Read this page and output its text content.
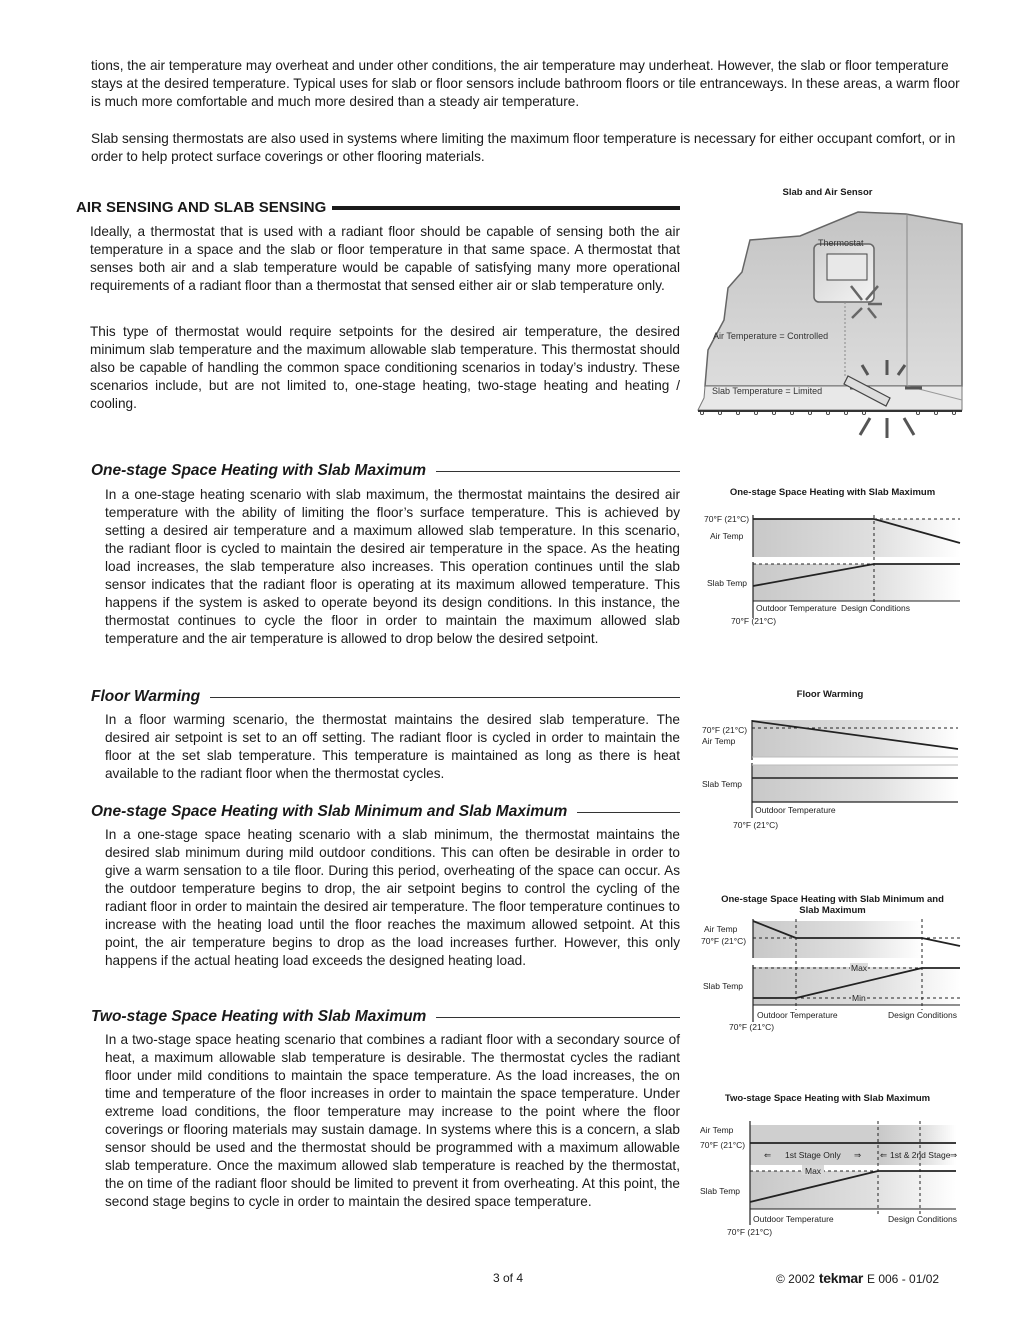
tions, the air temperature may overheat and under other conditions, the air temperature may underheat. However, the slab or floor temperature stays at the desired temperature. Typical uses for slab or floor sensors include bathroom floors or tile entranceways. In these areas, a warm floor is much more comfortable and much more desired than a steady air temperature.

Slab sensing thermostats are also used in systems where limiting the maximum floor temperature is necessary for either occupant comfort, or in order to help protect surface coverings or other flooring materials.

AIR SENSING AND SLAB SENSING

Ideally, a thermostat that is used with a radiant floor should be capable of sensing both the air temperature in a space and the slab or floor temperature in that same space. A thermostat that senses both air and a slab temperature would be capable of satisfying many more operational requirements of a radiant floor than a thermostat that sensed either air or slab temperature only.

This type of thermostat would require setpoints for the desired air temperature, the desired minimum slab temperature and the maximum allowable slab temperature. This thermostat should also be capable of handling the common space conditioning scenarios in today’s industry. These scenarios include, but are not limited to, one-stage heating, two-stage heating and heating / cooling.

One-stage Space Heating with Slab Maximum

In a one-stage heating scenario with slab maximum, the thermostat maintains the desired air temperature with the ability of limiting the floor’s surface temperature. This is achieved by setting a desired air temperature and a maximum allowed slab temperature. In this scenario, the radiant floor is cycled to maintain the desired air temperature in the space. As the heating load increases, the slab temperature also increases. This operation continues until the slab sensor indicates that the radiant floor is operating at its maximum allowed temperature. This happens if the system is asked to operate beyond its design conditions. In this instance, the thermostat continues to cycle the floor in order to maintain the maximum allowed slab temperature and the air temperature is allowed to drop below the desired setpoint.

Floor Warming

In a floor warming scenario, the thermostat maintains the desired slab temperature. The desired air setpoint is set to an off setting. The radiant floor is cycled in order to maintain the floor at the set slab temperature. This temperature is maintained as long as there is heat available to the radiant floor when the thermostat cycles.

One-stage Space Heating with Slab Minimum and Slab Maximum

In a one-stage space heating scenario with a slab minimum, the thermostat maintains the desired slab minimum during mild outdoor conditions. This can often be desirable in order to give a warm sensation to a tile floor. During this period, overheating of the space can occur. As the outdoor temperature begins to drop, the air setpoint begins to control the cycling of the radiant floor in order to maintain the desired air temperature. The floor temperature continues to increase with the heating load until the floor reaches the maximum allowed setpoint. At this point, the air temperature begins to drop as the load increases further. However, this only happens if the actual heating load exceeds the designed heating load.

Two-stage Space Heating with Slab Maximum

In a two-stage space heating scenario that combines a radiant floor with a secondary source of heat, a maximum allowable slab temperature is desirable. The thermostat cycles the radiant floor under mild conditions to maintain the space temperature. As the load increases, the on time and temperature of the floor increases in order to maintain the space temperature. Under extreme load conditions, the floor temperature may increase to the point where the floor coverings or flooring materials may sustain damage. In systems where this is a concern, a slab sensor should be used and the thermostat should be programmed with a maximum allowable slab temperature. Once the maximum allowed slab temperature is reached by the thermostat, the on time of the radiant floor should be limited to prevent it from overheating. At this point, the second stage begins to cycle in order to maintain the desired space temperature.

Slab and Air Sensor
Thermostat
Air Temperature = Controlled
Slab Temperature = Limited
One-stage Space Heating with Slab Maximum
70°F (21°C)
Air Temp
Slab Temp
Outdoor Temperature Design Conditions
70°F (21°C)
Floor Warming
70°F (21°C)
Air Temp
Slab Temp
Outdoor Temperature
70°F (21°C)
One-stage Space Heating with Slab Minimum and
Slab Maximum
Max
Min
Air Temp
70°F (21°C)
Slab Temp
Outdoor Temperature	Design Conditions
70°F (21°C)
Two-stage Space Heating with Slab Maximum
Max
⇐ 1st Stage Only ⇒ ⇐ 1st & 2nd Stage ⇒
Air Temp
70°F (21°C)
Slab Temp
Outdoor Temperature	Design Conditions
70°F (21°C)
3 of 4	© 2002 tekmar E 006 - 01/02
